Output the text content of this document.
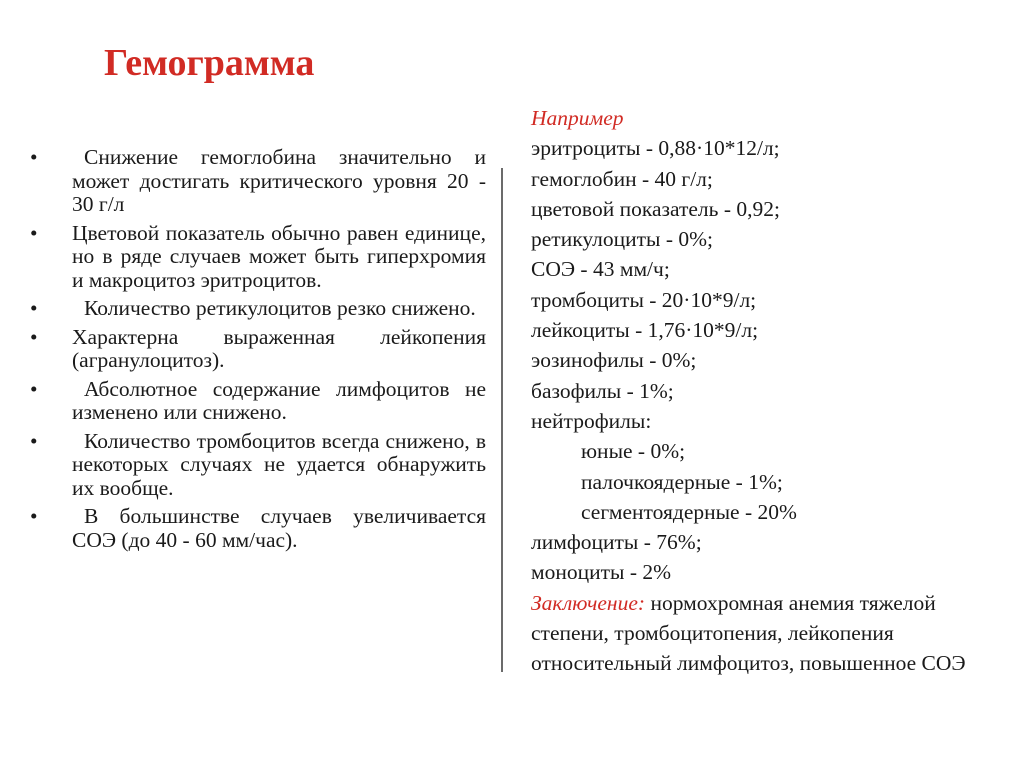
Гемограмма
•	Снижение гемоглобина значительно и может достигать критического уровня 20 - 30 г/л
•	Цветовой показатель обычно равен единице, но в ряде случаев может быть гиперхромия и макроцитоз эритроцитов.
•	Количество ретикулоцитов резко снижено.
•	Характерна выраженная лейкопения (агранулоцитоз).
•	Абсолютное содержание лимфоцитов не изменено или снижено.
•	Количество тромбоцитов всегда снижено, в некоторых случаях не удается обнаружить их вообще.
•	В большинстве случаев увеличивается СОЭ (до 40 - 60 мм/час).
Например
эритроциты - 0,88·10*12/л;
гемоглобин - 40 г/л;
цветовой показатель - 0,92;
ретикулоциты - 0%;
СОЭ - 43 мм/ч;
тромбоциты - 20·10*9/л;
лейкоциты - 1,76·10*9/л;
эозинофилы - 0%;
базофилы - 1%;
нейтрофилы:
юные - 0%;
палочкоядерные - 1%;
сегментоядерные - 20%
лимфоциты - 76%;
моноциты - 2%
Заключение: нормохромная анемия тяжелой степени, тромбоцитопения, лейкопения относительный лимфоцитоз, повышенное СОЭ
